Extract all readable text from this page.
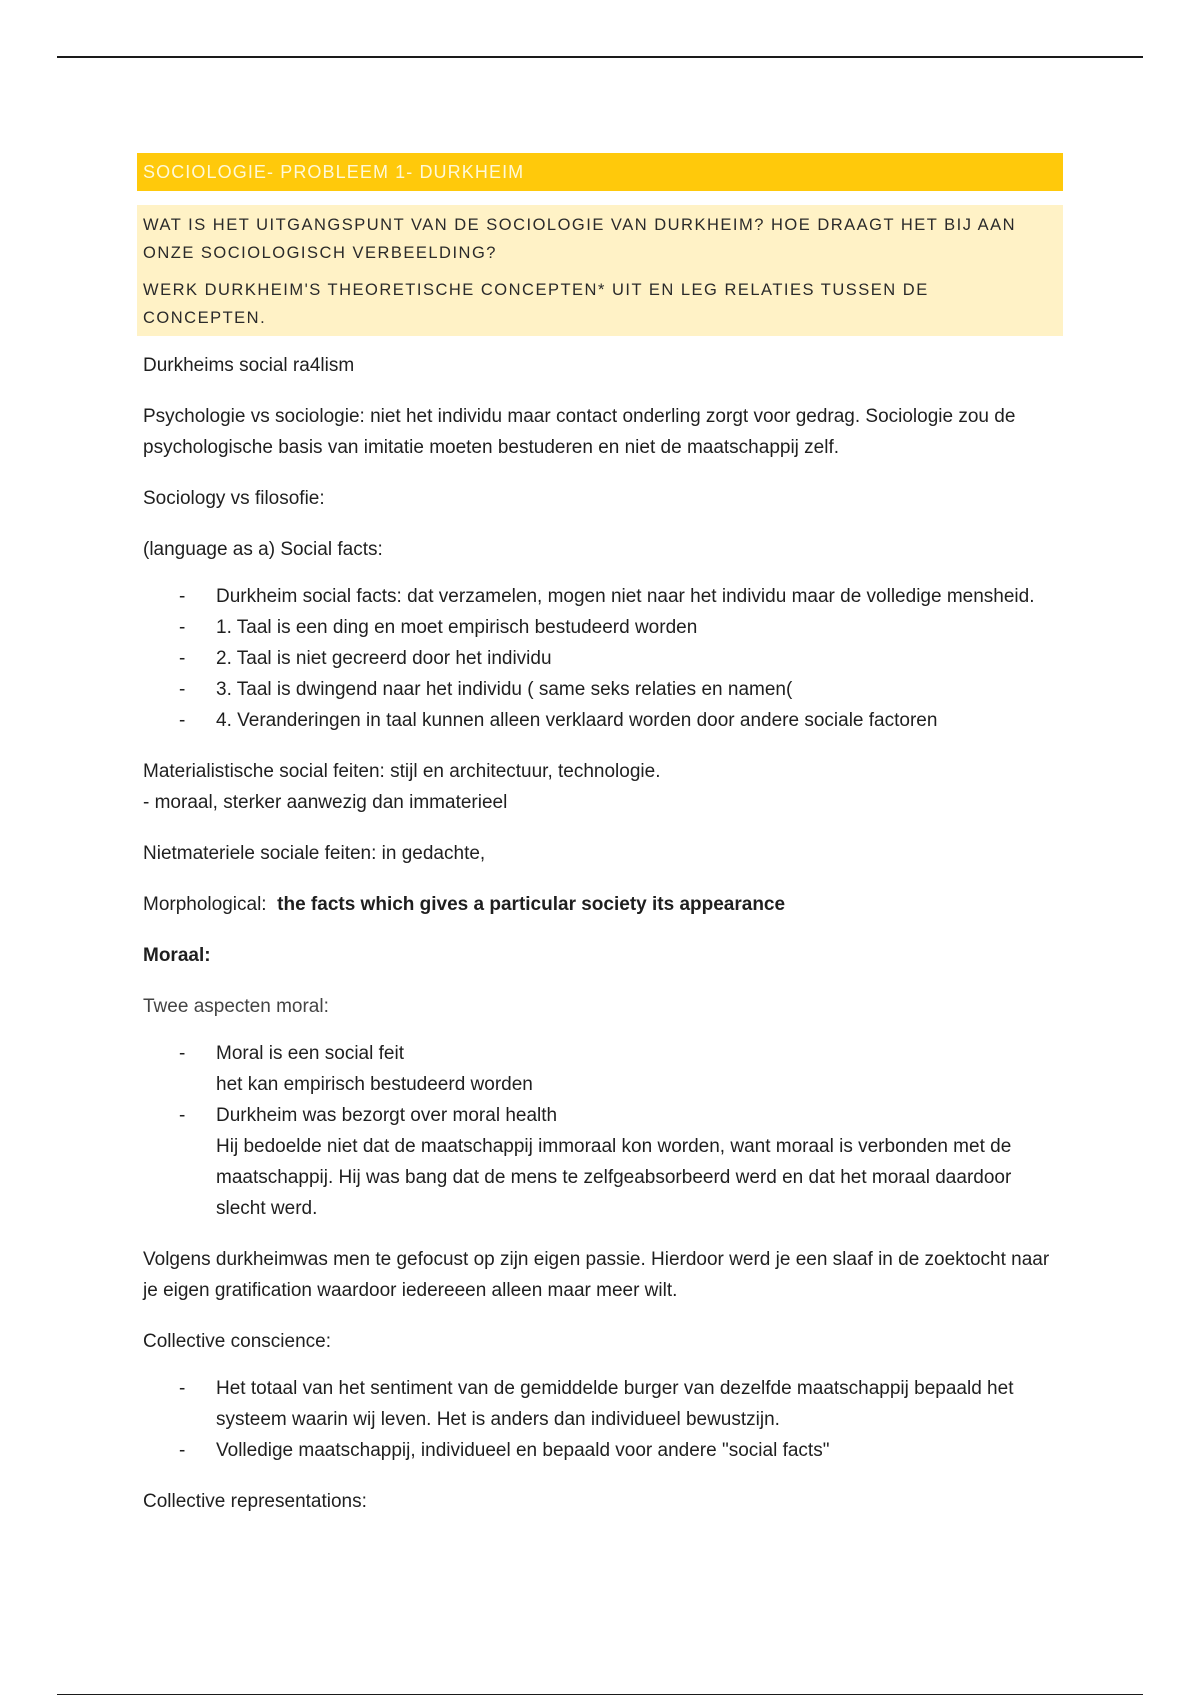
SOCIOLOGIE- PROBLEEM 1- DURKHEIM

WAT IS HET UITGANGSPUNT VAN DE SOCIOLOGIE VAN DURKHEIM? HOE DRAAGT HET BIJ AAN ONZE SOCIOLOGISCH VERBEELDING?

WERK DURKHEIM'S THEORETISCHE CONCEPTEN* UIT EN LEG RELATIES TUSSEN DE CONCEPTEN.

Durkheims social ra4lism

Psychologie vs sociologie: niet het individu maar contact onderling zorgt voor gedrag. Sociologie zou de psychologische basis van imitatie moeten bestuderen en niet de maatschappij zelf.

Sociology vs filosofie:

(language as a) Social facts:

- Durkheim social facts: dat verzamelen, mogen niet naar het individu maar de volledige mensheid.
- 1. Taal is een ding en moet empirisch bestudeerd worden
- 2. Taal is niet gecreerd door het individu
- 3. Taal is dwingend naar het individu ( same seks relaties en namen(
- 4. Veranderingen in taal kunnen alleen verklaard worden door andere sociale factoren

Materialistische social feiten: stijl en architectuur, technologie.
- moraal, sterker aanwezig dan immaterieel

Nietmateriele sociale feiten: in gedachte,

Morphological: the facts which gives a particular society its appearance

Moraal:

Twee aspecten moral:

- Moral is een social feit
het kan empirisch bestudeerd worden
- Durkheim was bezorgt over moral health
Hij bedoelde niet dat de maatschappij immoraal kon worden, want moraal is verbonden met de maatschappij. Hij was bang dat de mens te zelfgeabsorbeerd werd en dat het moraal daardoor slecht werd.

Volgens durkheimwas men te gefocust op zijn eigen passie. Hierdoor werd je een slaaf in de zoektocht naar je eigen gratification waardoor iedereeen alleen maar meer wilt.

Collective conscience:

- Het totaal van het sentiment van de gemiddelde burger van dezelfde maatschappij bepaald het systeem waarin wij leven. Het is anders dan individueel bewustzijn.
- Volledige maatschappij, individueel en bepaald voor andere "social facts"

Collective representations:
